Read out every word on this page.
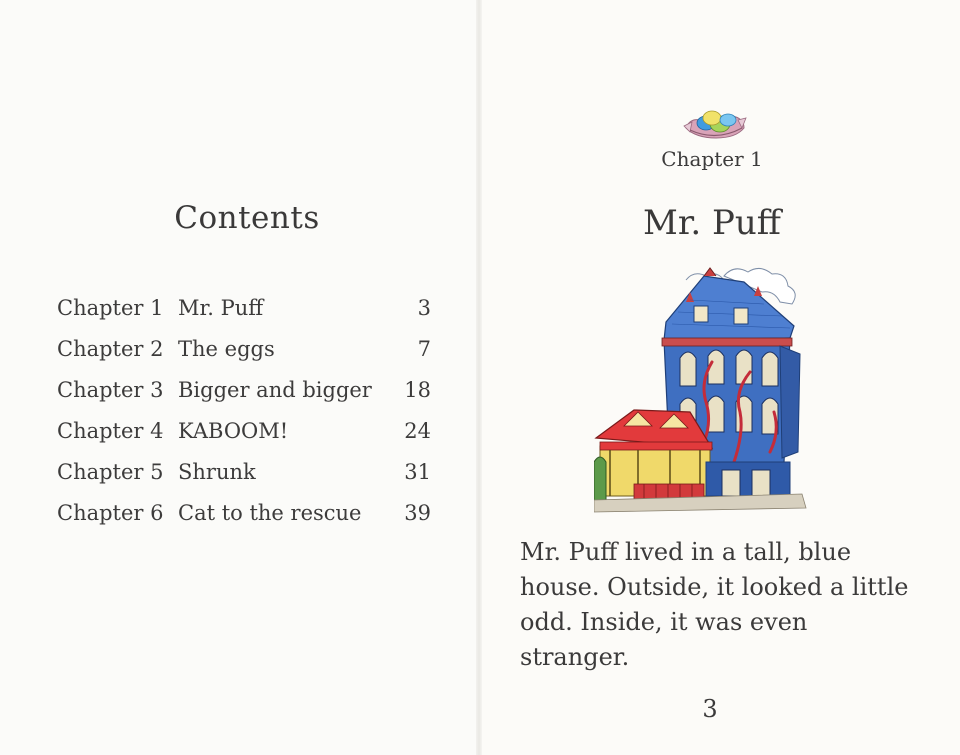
Contents
Chapter 1 Mr. Puff	3
Chapter 2 The eggs	7
Chapter 3 Bigger and bigger 18
Chapter 4 KABOOM!	24
Chapter 5 Shrunk	31
Chapter 6 Cat to the rescue 39

Chapter 1

Mr. Puff

Mr. Puff lived in a tall, blue house. Outside, it looked a little odd. Inside, it was even stranger.

3
